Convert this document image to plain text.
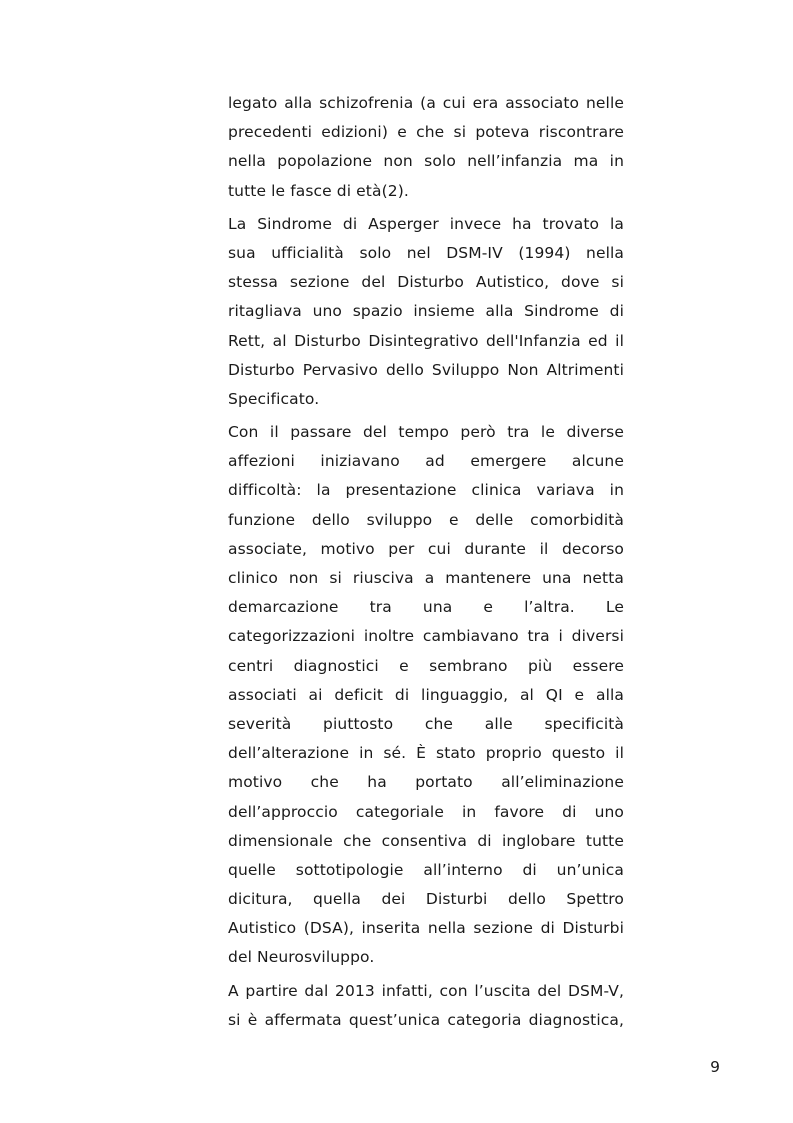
legato alla schizofrenia (a cui era associato nelle
precedenti edizioni) e che si poteva riscontrare
nella popolazione non solo nell’infanzia ma in
tutte le fasce di età(2).
La Sindrome di Asperger invece ha trovato la
sua ufficialità solo nel DSM-IV (1994) nella
stessa sezione del Disturbo Autistico, dove si
ritagliava uno spazio insieme alla Sindrome di
Rett, al Disturbo Disintegrativo dell'Infanzia ed il
Disturbo Pervasivo dello Sviluppo Non Altrimenti
Specificato.
Con il passare del tempo però tra le diverse
affezioni iniziavano ad emergere alcune
difficoltà: la presentazione clinica variava in
funzione dello sviluppo e delle comorbidità
associate, motivo per cui durante il decorso
clinico non si riusciva a mantenere una netta
demarcazione tra una e l’altra. Le
categorizzazioni inoltre cambiavano tra i diversi
centri diagnostici e sembrano più essere
associati ai deficit di linguaggio, al QI e alla
severità piuttosto che alle specificità
dell’alterazione in sé. È stato proprio questo il
motivo che ha portato all’eliminazione
dell’approccio categoriale in favore di uno
dimensionale che consentiva di inglobare tutte
quelle sottotipologie all’interno di un’unica
dicitura, quella dei Disturbi dello Spettro
Autistico (DSA), inserita nella sezione di Disturbi
del Neurosviluppo.
A partire dal 2013 infatti, con l’uscita del DSM-V,
si è affermata quest’unica categoria diagnostica,
9
